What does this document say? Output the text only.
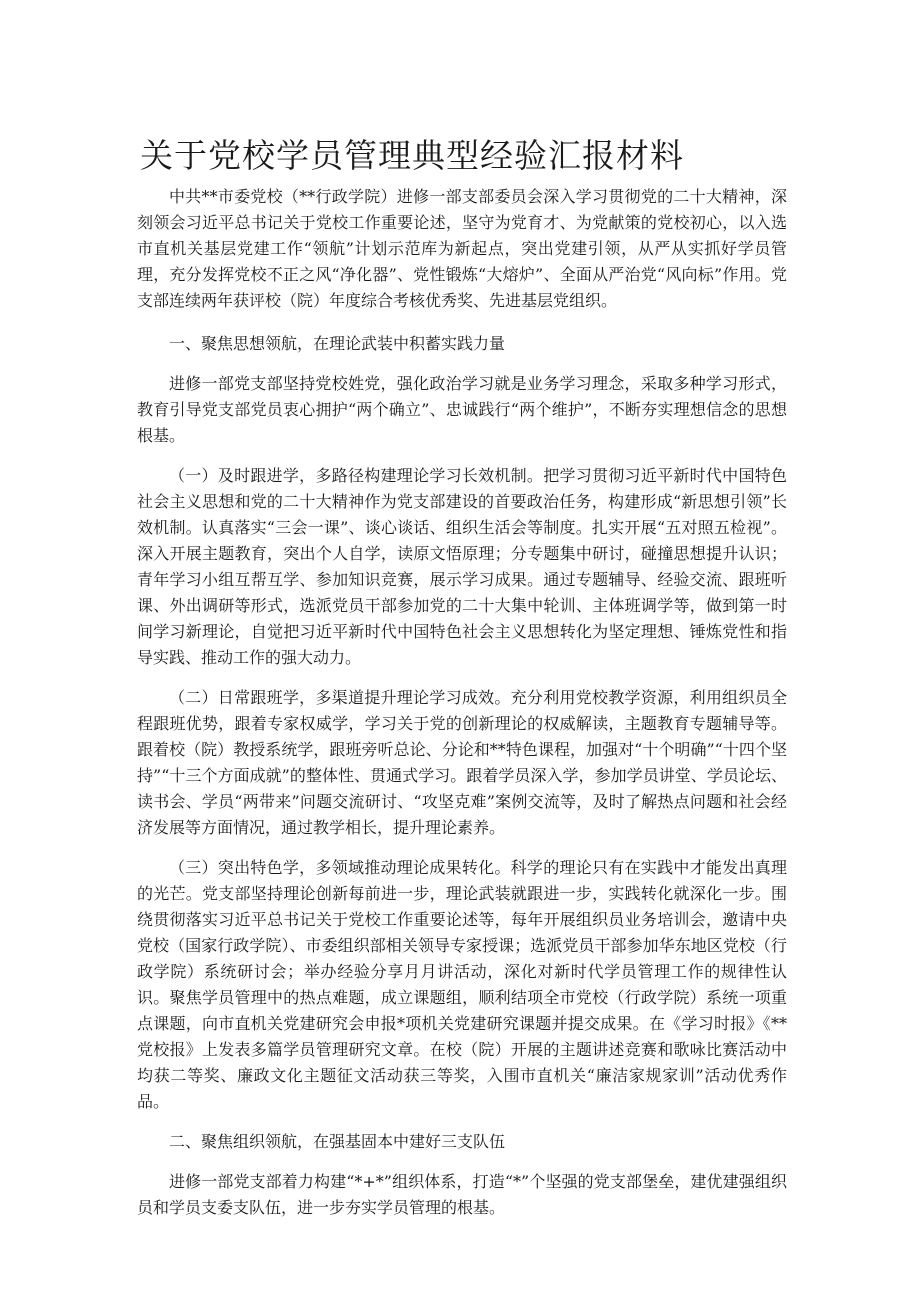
关于党校学员管理典型经验汇报材料

中共**市委党校（**行政学院）进修一部支部委员会深入学习贯彻党的二十大精神，深刻领会习近平总书记关于党校工作重要论述，坚守为党育才、为党献策的党校初心，以入选市直机关基层党建工作“领航”计划示范库为新起点，突出党建引领，从严从实抓好学员管理，充分发挥党校不正之风“净化器”、党性锻炼“大熔炉”、全面从严治党“风向标”作用。党支部连续两年获评校（院）年度综合考核优秀奖、先进基层党组织。

一、聚焦思想领航，在理论武装中积蓄实践力量

进修一部党支部坚持党校姓党，强化政治学习就是业务学习理念，采取多种学习形式，教育引导党支部党员衷心拥护“两个确立”、忠诚践行“两个维护”，不断夯实理想信念的思想根基。

（一）及时跟进学，多路径构建理论学习长效机制。把学习贯彻习近平新时代中国特色社会主义思想和党的二十大精神作为党支部建设的首要政治任务，构建形成“新思想引领”长效机制。认真落实“三会一课”、谈心谈话、组织生活会等制度。扎实开展“五对照五检视”。深入开展主题教育，突出个人自学，读原文悟原理；分专题集中研讨，碰撞思想提升认识；青年学习小组互帮互学、参加知识竞赛，展示学习成果。通过专题辅导、经验交流、跟班听课、外出调研等形式，选派党员干部参加党的二十大集中轮训、主体班调学等，做到第一时间学习新理论，自觉把习近平新时代中国特色社会主义思想转化为坚定理想、锤炼党性和指导实践、推动工作的强大动力。

（二）日常跟班学，多渠道提升理论学习成效。充分利用党校教学资源，利用组织员全程跟班优势，跟着专家权威学，学习关于党的创新理论的权威解读，主题教育专题辅导等。跟着校（院）教授系统学，跟班旁听总论、分论和**特色课程，加强对“十个明确”“十四个坚持”“十三个方面成就”的整体性、贯通式学习。跟着学员深入学，参加学员讲堂、学员论坛、读书会、学员“两带来”问题交流研讨、“攻坚克难”案例交流等，及时了解热点问题和社会经济发展等方面情况，通过教学相长，提升理论素养。

（三）突出特色学，多领域推动理论成果转化。科学的理论只有在实践中才能发出真理的光芒。党支部坚持理论创新每前进一步，理论武装就跟进一步，实践转化就深化一步。围绕贯彻落实习近平总书记关于党校工作重要论述等，每年开展组织员业务培训会，邀请中央党校（国家行政学院）、市委组织部相关领导专家授课；选派党员干部参加华东地区党校（行政学院）系统研讨会；举办经验分享月月讲活动，深化对新时代学员管理工作的规律性认识。聚焦学员管理中的热点难题，成立课题组，顺利结项全市党校（行政学院）系统一项重点课题，向市直机关党建研究会申报*项机关党建研究课题并提交成果。在《学习时报》《**党校报》上发表多篇学员管理研究文章。在校（院）开展的主题讲述竞赛和歌咏比赛活动中均获二等奖、廉政文化主题征文活动获三等奖，入围市直机关“廉洁家规家训”活动优秀作品。

二、聚焦组织领航，在强基固本中建好三支队伍

进修一部党支部着力构建“*+*”组织体系，打造“*”个坚强的党支部堡垒，建优建强组织员和学员支委支队伍，进一步夯实学员管理的根基。
